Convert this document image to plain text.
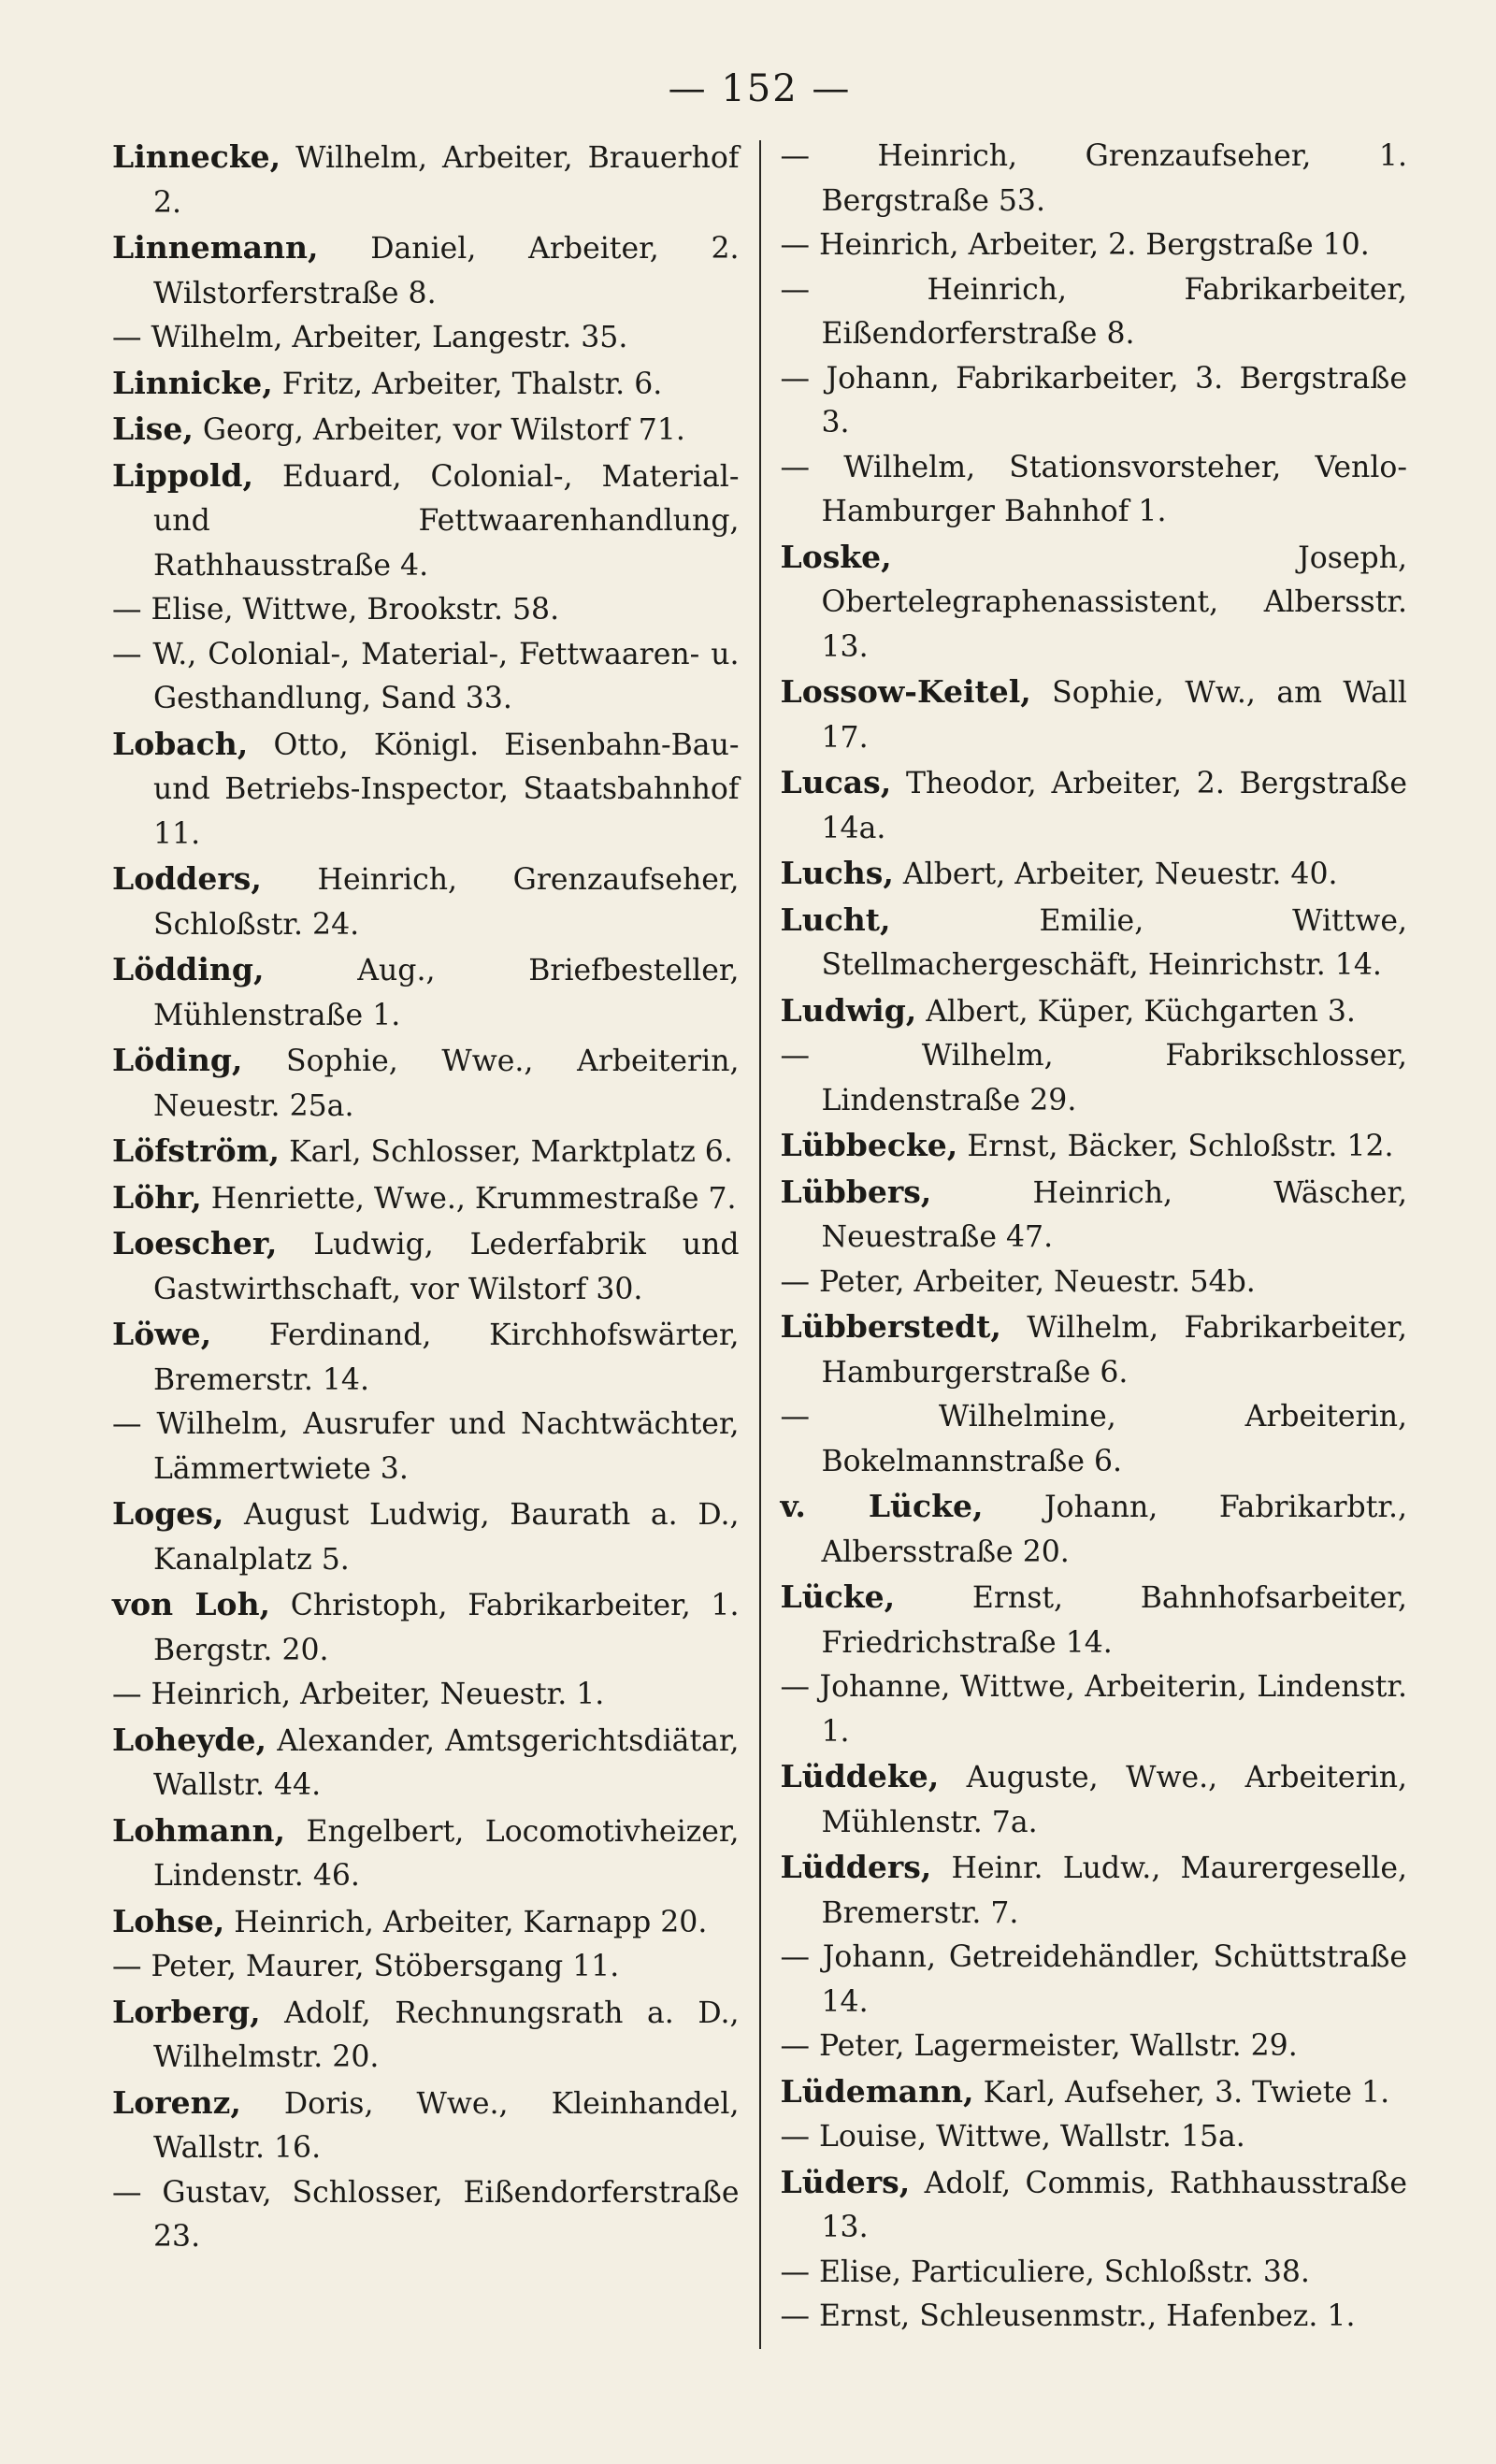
— 152 —
Linnecke, Wilhelm, Arbeiter, Brauerhof 2.
Linnemann, Daniel, Arbeiter, 2. Wilstorferstraße 8.
— Wilhelm, Arbeiter, Langestr. 35.
Linnicke, Fritz, Arbeiter, Thalstr. 6.
Lise, Georg, Arbeiter, vor Wilstorf 71.
Lippold, Eduard, Colonial-, Material- und Fettwaarenhandlung, Rathhausstraße 4.
— Elise, Wittwe, Brookstr. 58.
— W., Colonial-, Material-, Fettwaaren- u. Gesthandlung, Sand 33.
Lobach, Otto, Königl. Eisenbahn-Bau- und Betriebs-Inspector, Staatsbahnhof 11.
Lodders, Heinrich, Grenzaufseher, Schloßstr. 24.
Lödding,	Aug., Briefbesteller, Mühlenstraße 1.
Löding, Sophie, Wwe., Arbeiterin, Neuestr. 25a.
Löfström, Karl, Schlosser, Marktplatz 6.
Löhr, Henriette, Wwe., Krummestraße 7.
Loescher, Ludwig, Lederfabrik und Gastwirthschaft, vor Wilstorf 30.
Löwe, Ferdinand, Kirchhofswärter, Bremerstr. 14.
— Wilhelm, Ausrufer und Nachtwächter, Lämmertwiete 3.
Loges, August Ludwig, Baurath a. D., Kanalplatz 5.
von Loh, Christoph, Fabrikarbeiter, 1. Bergstr. 20.
— Heinrich, Arbeiter, Neuestr. 1.
Loheyde, Alexander, Amtsgerichtsdiätar, Wallstr. 44.
Lohmann, Engelbert, Locomotivheizer, Lindenstr. 46.
Lohse, Heinrich, Arbeiter, Karnapp 20.
— Peter, Maurer, Stöbersgang 11.
Lorberg, Adolf, Rechnungsrath a. D., Wilhelmstr. 20.
Lorenz, Doris, Wwe., Kleinhandel, Wallstr. 16.
— Gustav, Schlosser, Eißendorferstraße 23.
— Heinrich, Grenzaufseher, 1. Bergstraße 53.
— Heinrich, Arbeiter, 2. Bergstraße 10.
— Heinrich, Fabrikarbeiter, Eißendorferstraße 8.
— Johann, Fabrikarbeiter, 3. Bergstraße 3.
— Wilhelm, Stationsvorsteher, Venlo-Hamburger Bahnhof 1.
Loske,	Joseph, Obertelegraphenassistent, Albersstr. 13.
Lossow-Keitel, Sophie, Ww., am Wall 17.
Lucas, Theodor, Arbeiter, 2. Bergstraße 14a.
Luchs, Albert, Arbeiter, Neuestr. 40.
Lucht,	Emilie, Wittwe, Stellmachergeschäft, Heinrichstr. 14.
Ludwig, Albert, Küper, Küchgarten 3.
— Wilhelm, Fabrikschlosser, Lindenstraße 29.
Lübbecke, Ernst, Bäcker, Schloßstr. 12.
Lübbers,	Heinrich, Wäscher, Neuestraße 47.
— Peter, Arbeiter, Neuestr. 54b.
Lübberstedt, Wilhelm, Fabrikarbeiter, Hamburgerstraße 6.
— Wilhelmine, Arbeiterin, Bokelmannstraße 6.
v. Lücke, Johann, Fabrikarbtr., Albersstraße 20.
Lücke,	Ernst, Bahnhofsarbeiter, Friedrichstraße 14.
— Johanne, Wittwe, Arbeiterin, Lindenstr. 1.
Lüddeke, Auguste, Wwe., Arbeiterin, Mühlenstr. 7a.
Lüdders, Heinr. Ludw., Maurergeselle, Bremerstr. 7.
— Johann, Getreidehändler, Schüttstraße 14.
— Peter, Lagermeister, Wallstr. 29.
Lüdemann, Karl, Aufseher, 3. Twiete 1.
— Louise, Wittwe, Wallstr. 15a.
Lüders, Adolf, Commis, Rathhausstraße 13.
— Elise, Particuliere, Schloßstr. 38.
— Ernst, Schleusenmstr., Hafenbez. 1.
